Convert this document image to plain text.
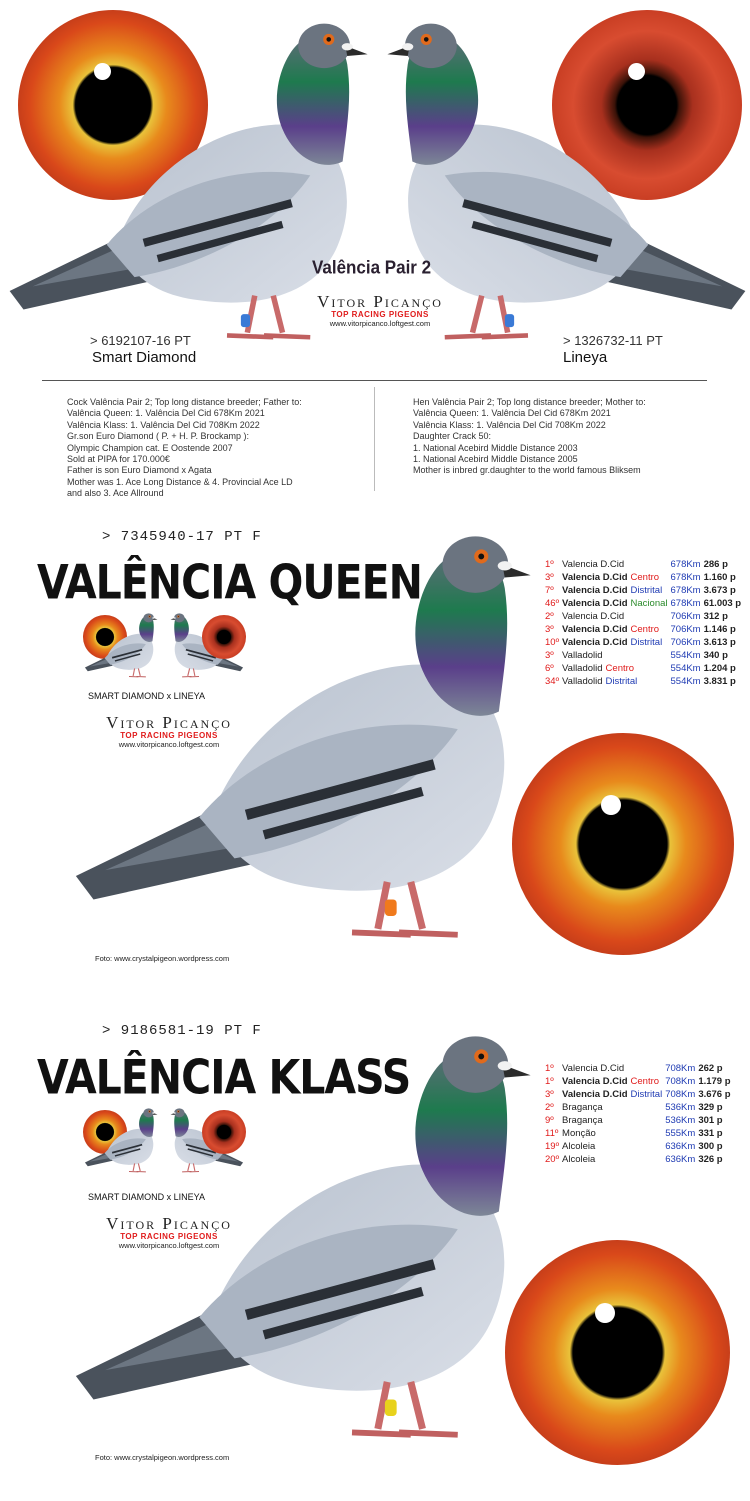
Valência Pair 2
Vitor Picanço
TOP RACING PIGEONS
www.vitorpicanco.loftgest.com
> 6192107-16 PT
Smart Diamond
> 1326732-11 PT
Lineya
Cock Valência Pair 2; Top long distance breeder; Father to:
Valência Queen: 1. Valência Del Cid 678Km 2021
Valência Klass: 1. Valência Del Cid 708Km 2022
Gr.son Euro Diamond ( P. + H. P. Brockamp ):
Olympic Champion cat. E Oostende 2007
Sold at PIPA for 170.000€
Father is son Euro Diamond x Agata
Mother was 1. Ace Long Distance & 4. Provincial Ace LD
and also 3. Ace Allround
Hen Valência Pair 2; Top long distance breeder; Mother to:
Valência Queen: 1. Valência Del Cid 678Km 2021
Valência Klass: 1. Valência Del Cid 708Km 2022
Daughter Crack 50:
1. National Acebird Middle Distance 2003
1. National Acebird Middle Distance 2005
Mother is inbred gr.daughter to the world famous Bliksem
> 7345940-17 PT F
VALÊNCIA QUEEN
SMART DIAMOND x LINEYA
Vitor Picanço
TOP RACING PIGEONS
www.vitorpicanco.loftgest.com
1º	Valencia D.Cid	678Km	286 p
3º	Valencia D.Cid Centro	678Km	1.160 p
7º	Valencia D.Cid Distrital	678Km	3.673 p
46º	Valencia D.Cid Nacional	678Km	61.003 p
2º	Valencia D.Cid	706Km	312 p
3º	Valencia D.Cid Centro	706Km	1.146 p
10º	Valencia D.Cid Distrital	706Km	3.613 p
3º	Valladolid	554Km	340 p
6º	Valladolid Centro	554Km	1.204 p
34º	Valladolid Distrital	554Km	3.831 p
Foto: www.crystalpigeon.wordpress.com
> 9186581-19 PT F
VALÊNCIA KLASS
SMART DIAMOND x LINEYA
Vitor Picanço
TOP RACING PIGEONS
www.vitorpicanco.loftgest.com
1º	Valencia D.Cid	708Km	262 p
1º	Valencia D.Cid Centro	708Km	1.179 p
3º	Valencia D.Cid Distrital	708Km	3.676 p
2º	Bragança	536Km	329 p
9º	Bragança	536Km	301 p
11º	Monção	555Km	331 p
19º	Alcoleia	636Km	300 p
20º	Alcoleia	636Km	326 p
Foto: www.crystalpigeon.wordpress.com
